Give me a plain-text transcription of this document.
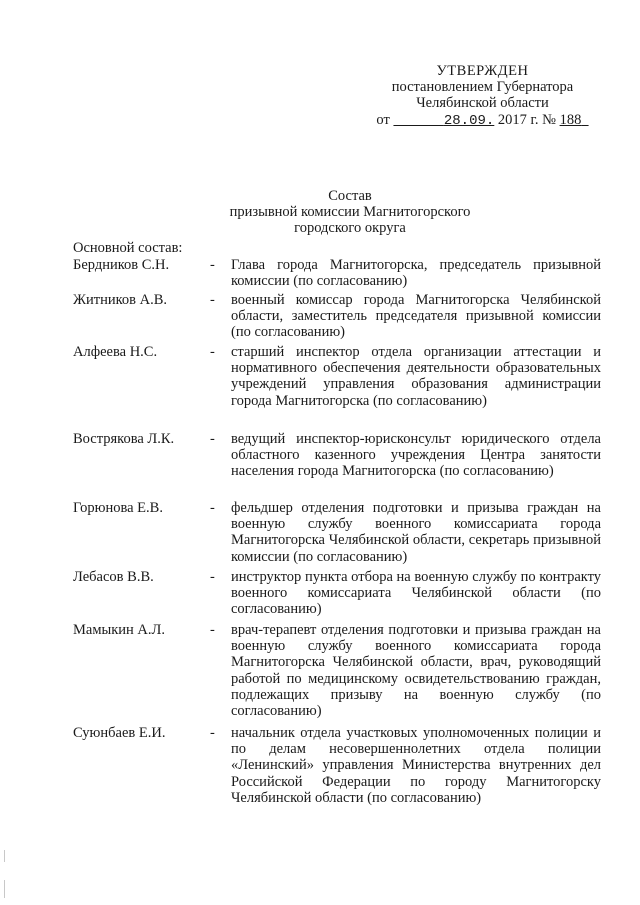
УТВЕРЖДЕН
постановлением Губернатора
Челябинской области
от	28.09. 2017 г. № 188
Состав
призывной комиссии Магнитогорского
городского округа
Основной состав:
Бердников С.Н.	- Глава города Магнитогорска, председатель призывной комиссии (по согласованию)
Житников А.В.	- военный комиссар города Магнитогорска Челябинской области, заместитель председателя призывной комиссии (по согласованию)
Алфеева Н.С.	- старший инспектор отдела организации аттестации и нормативного обеспечения деятельности образовательных учреждений управления образования администрации города Магнитогорска (по согласованию)
Вострякова Л.К. - ведущий инспектор-юрисконсульт юридического отдела областного казенного учреждения Центра занятости населения города Магнитогорска (по согласованию)
Горюнова Е.В.	- фельдшер отделения подготовки и призыва граждан на военную службу военного комиссариата города Магнитогорска Челябинской области, секретарь призывной комиссии (по согласованию)
Лебасов В.В.	- инструктор пункта отбора на военную службу по контракту военного комиссариата Челябинской области (по согласованию)
Мамыкин А.Л.	- врач-терапевт отделения подготовки и призыва граждан на военную службу военного комиссариата города Магнитогорска Челябинской области, врач, руководящий работой по медицинскому освидетельствованию граждан, подлежащих призыву на военную службу (по согласованию)
Суюнбаев Е.И.	- начальник отдела участковых уполномоченных полиции и по делам несовершеннолетних отдела полиции «Ленинский» управления Министерства внутренних дел Российской Федерации по городу Магнитогорску Челябинской области (по согласованию)
